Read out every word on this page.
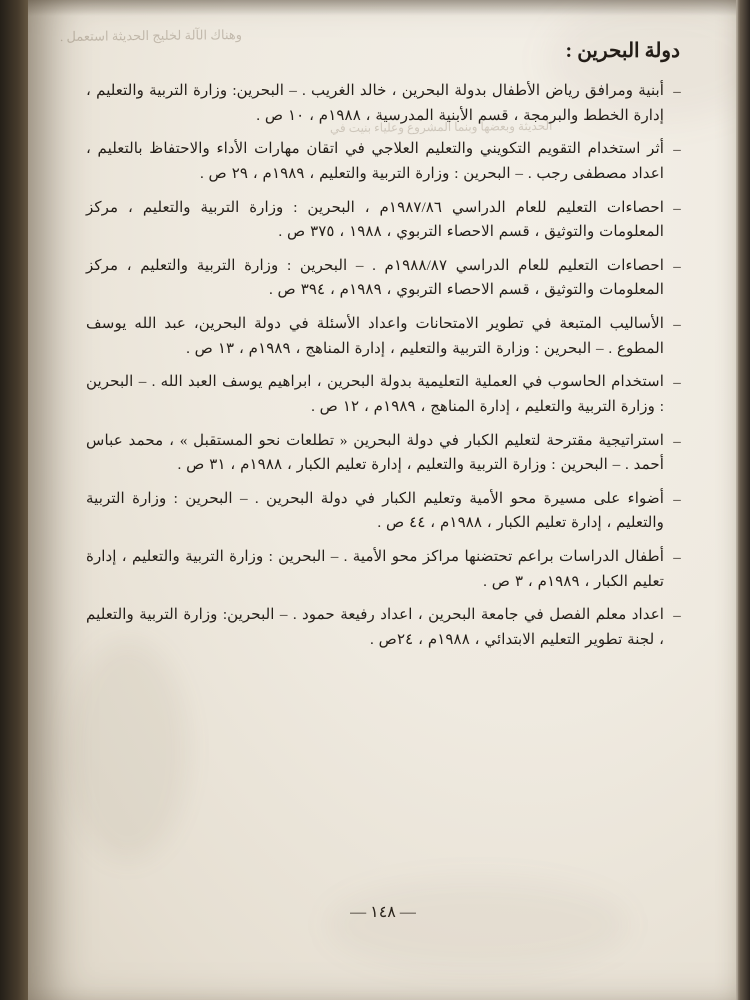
وهناك الآلة لخليج الحديثة استعمل .
الحديثة وبعضها وبنما المشروع وعلياء بنيت في
دولة البحرين :
–
أبنية ومرافق رياض الأطفال بدولة البحرين ، خالد الغريب . – البحرين: وزارة التربية والتعليم ، إدارة الخطط والبرمجة ، قسم الأبنية المدرسية ، ١٩٨٨م ، ١٠ ص .
–
أثر استخدام التقويم التكويني والتعليم العلاجي في اتقان مهارات الأداء والاحتفاظ بالتعليم ، اعداد مصطفى رجب . – البحرين : وزارة التربية والتعليم ، ١٩٨٩م ، ٢٩ ص .
–
احصاءات التعليم للعام الدراسي ١٩٨٧/٨٦م ، البحرين : وزارة التربية والتعليم ، مركز المعلومات والتوثيق ، قسم الاحصاء التربوي ، ١٩٨٨ ، ٣٧٥ ص .
–
احصاءات التعليم للعام الدراسي ١٩٨٨/٨٧م . – البحرين : وزارة التربية والتعليم ، مركز المعلومات والتوثيق ، قسم الاحصاء التربوي ، ١٩٨٩م ، ٣٩٤ ص .
–
الأساليب المتبعة في تطوير الامتحانات واعداد الأسئلة في دولة البحرين، عبد الله يوسف المطوع . – البحرين : وزارة التربية والتعليم ، إدارة المناهج ، ١٩٨٩م ، ١٣ ص .
–
استخدام الحاسوب في العملية التعليمية بدولة البحرين ، ابراهيم يوسف العبد الله . – البحرين : وزارة التربية والتعليم ، إدارة المناهج ، ١٩٨٩م ، ١٢ ص .
–
استراتيجية مقترحة لتعليم الكبار في دولة البحرين « تطلعات نحو المستقبل » ، محمد عباس أحمد . – البحرين : وزارة التربية والتعليم ، إدارة تعليم الكبار ، ١٩٨٨م ، ٣١ ص .
–
أضواء على مسيرة محو الأمية وتعليم الكبار في دولة البحرين . – البحرين : وزارة التربية والتعليم ، إدارة تعليم الكبار ، ١٩٨٨م ، ٤٤ ص .
–
أطفال الدراسات براعم تحتضنها مراكز محو الأمية . – البحرين : وزارة التربية والتعليم ، إدارة تعليم الكبار ، ١٩٨٩م ، ٣ ص .
–
اعداد معلم الفصل في جامعة البحرين ، اعداد رفيعة حمود . – البحرين: وزارة التربية والتعليم ، لجنة تطوير التعليم الابتدائي ، ١٩٨٨م ، ٢٤ص .
— ١٤٨ —
